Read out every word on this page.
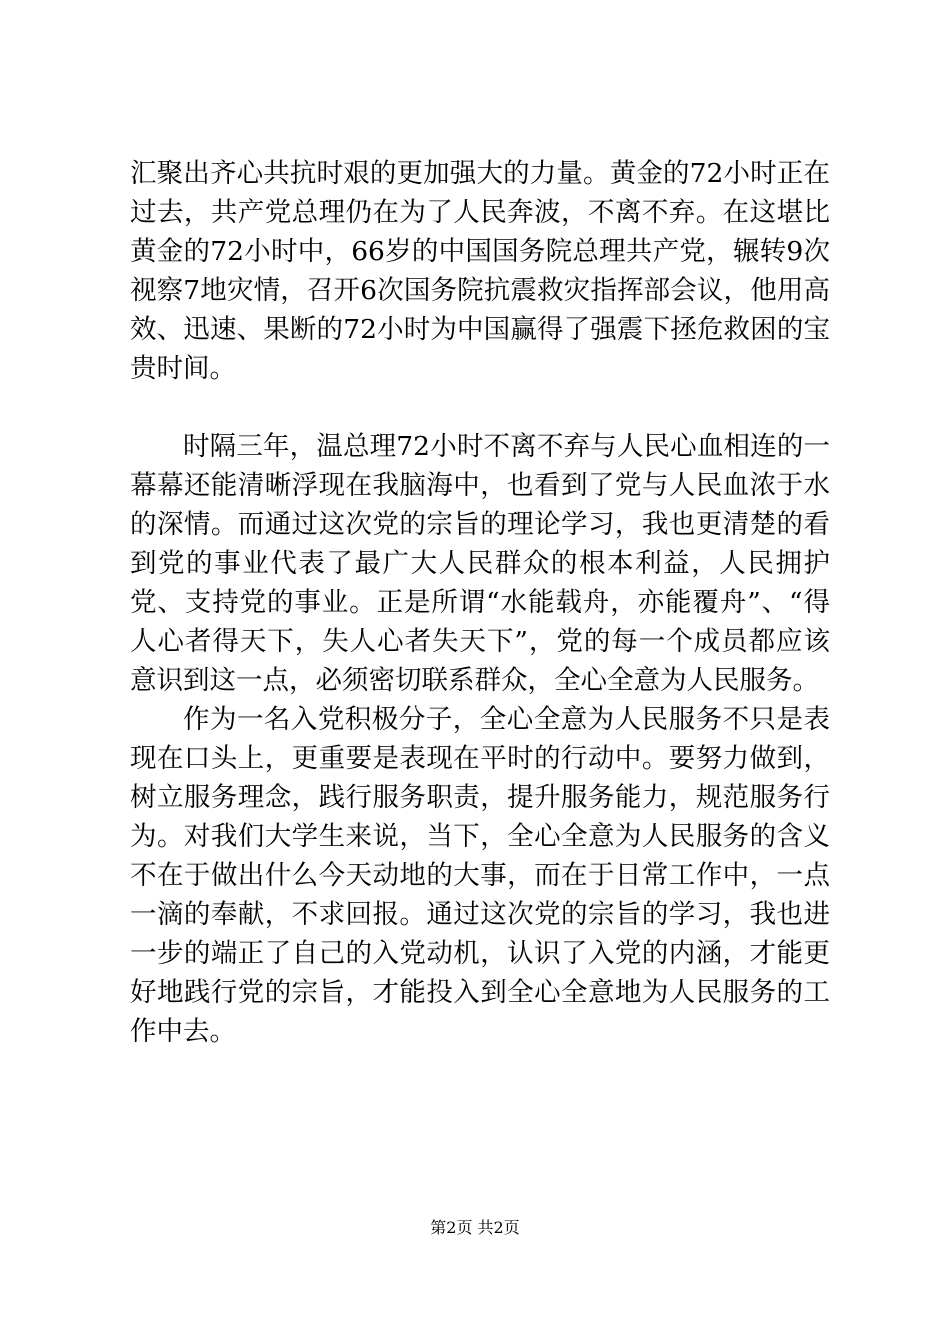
汇聚出齐心共抗时艰的更加强大的力量。黄金的72小时正在过去，共产党总理仍在为了人民奔波，不离不弃。在这堪比黄金的72小时中，66岁的中国国务院总理共产党，辗转9次视察7地灾情，召开6次国务院抗震救灾指挥部会议，他用高效、迅速、果断的72小时为中国赢得了强震下拯危救困的宝贵时间。

时隔三年，温总理72小时不离不弃与人民心血相连的一幕幕还能清晰浮现在我脑海中，也看到了党与人民血浓于水的深情。而通过这次党的宗旨的理论学习，我也更清楚的看到党的事业代表了最广大人民群众的根本利益，人民拥护党、支持党的事业。正是所谓“水能载舟，亦能覆舟”、“得人心者得天下，失人心者失天下”，党的每一个成员都应该意识到这一点，必须密切联系群众，全心全意为人民服务。

作为一名入党积极分子，全心全意为人民服务不只是表现在口头上，更重要是表现在平时的行动中。要努力做到，树立服务理念，践行服务职责，提升服务能力，规范服务行为。对我们大学生来说，当下，全心全意为人民服务的含义不在于做出什么今天动地的大事，而在于日常工作中，一点一滴的奉献，不求回报。通过这次党的宗旨的学习，我也进一步的端正了自己的入党动机，认识了入党的内涵，才能更好地践行党的宗旨，才能投入到全心全意地为人民服务的工作中去。

第2页 共2页
